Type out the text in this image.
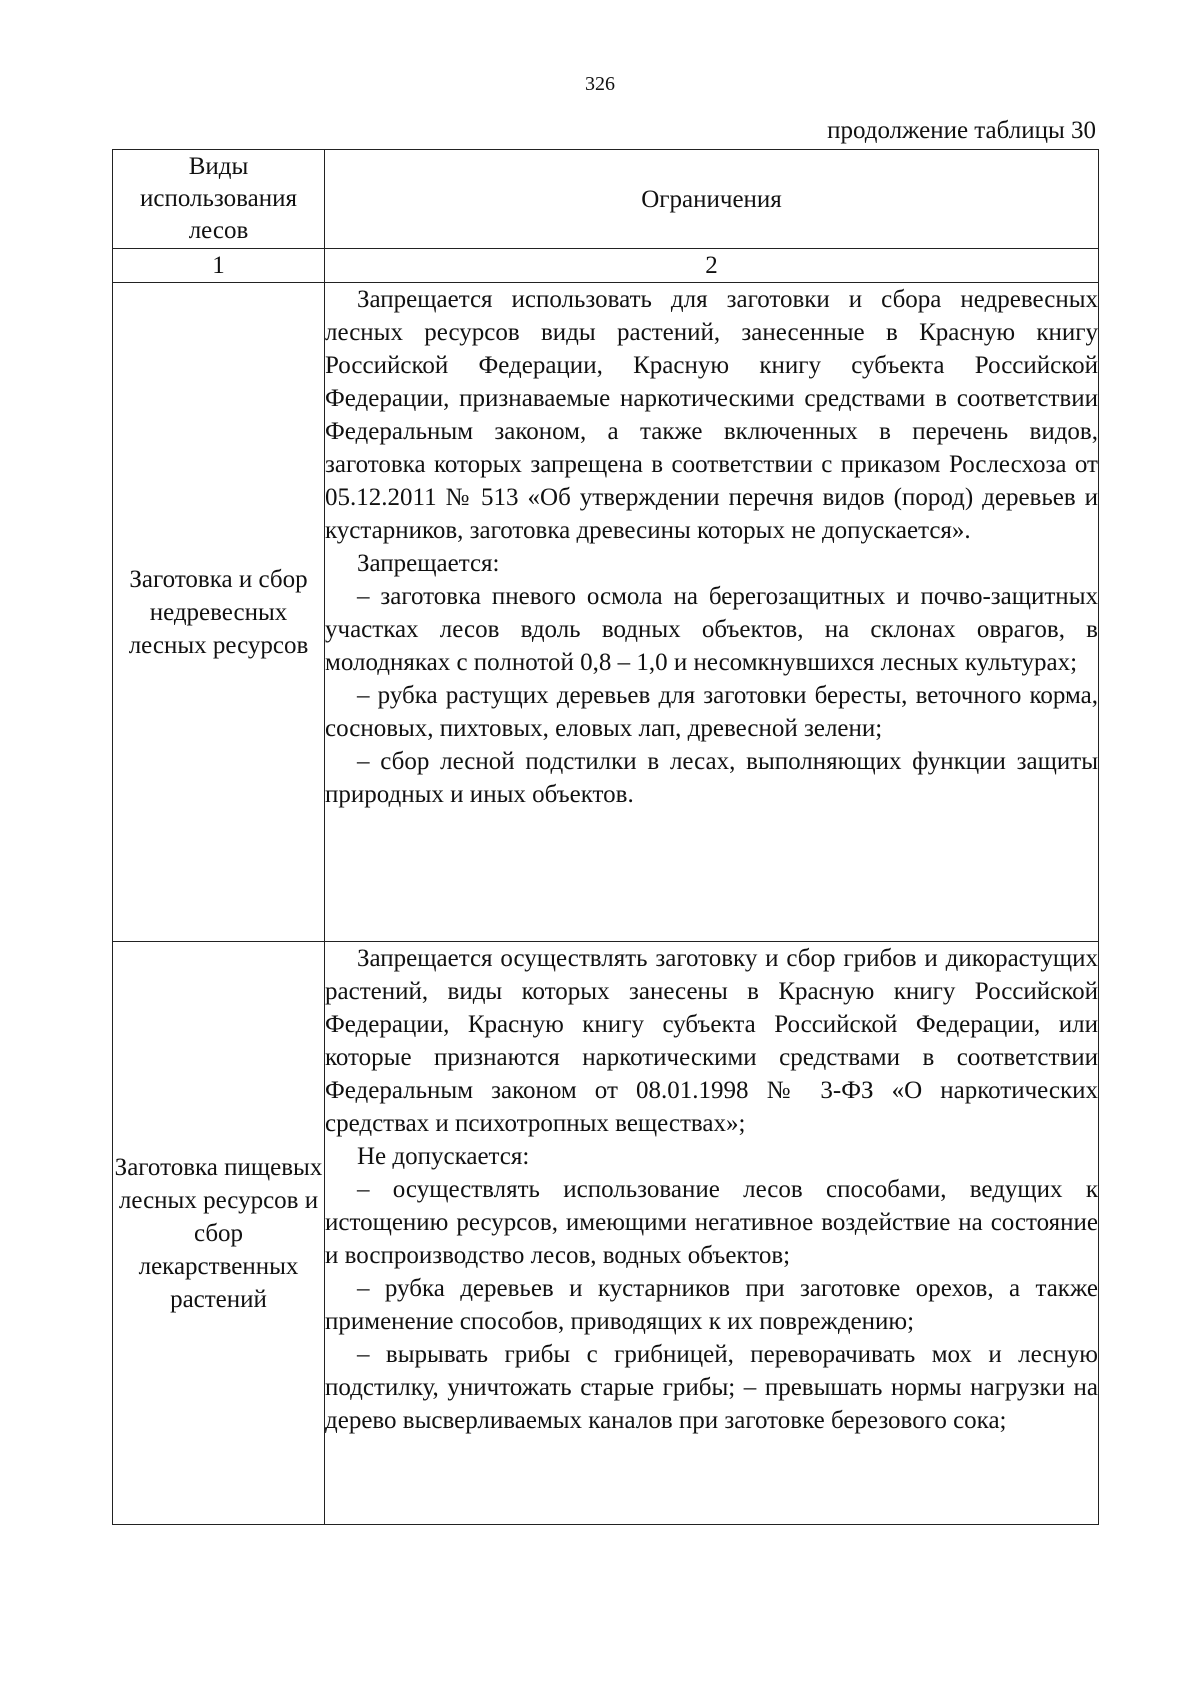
326
продолжение таблицы 30
Виды использования лесов	Ограничения
1	2
Заготовка и сбор недревесных лесных ресурсов	Запрещается использовать для заготовки и сбора недревесных лесных ресурсов виды растений, занесенные в Красную книгу Российской Федерации, Красную книгу субъекта Российской Федерации, признаваемые наркотическими средствами в соответствии Федеральным законом, а также включенных в перечень видов, заготовка которых запрещена в соответствии с приказом Рослесхоза от 05.12.2011 № 513 «Об утверждении перечня видов (пород) деревьев и кустарников, заготовка древесины которых не допускается».

Запрещается:

– заготовка пневого осмола на берегозащитных и почво-защитных участках лесов вдоль водных объектов, на склонах оврагов, в молодняках с полнотой 0,8 – 1,0 и несомкнувшихся лесных культурах;

– рубка растущих деревьев для заготовки бересты, веточного корма, сосновых, пихтовых, еловых лап, древесной зелени;

– сбор лесной подстилки в лесах, выполняющих функции защиты природных и иных объектов.

Заготовка пищевых лесных ресурсов и сбор лекарственных растений	Запрещается осуществлять заготовку и сбор грибов и дикорастущих растений, виды которых занесены в Красную книгу Российской Федерации, Красную книгу субъекта Российской Федерации, или которые признаются наркотическими средствами в соответствии Федеральным законом от 08.01.1998 № 3-ФЗ «О наркотических средствах и психотропных веществах»;

Не допускается:

– осуществлять использование лесов способами, ведущих к истощению ресурсов, имеющими негативное воздействие на состояние и воспроизводство лесов, водных объектов;

– рубка деревьев и кустарников при заготовке орехов, а также применение способов, приводящих к их повреждению;

– вырывать грибы с грибницей, переворачивать мох и лесную подстилку, уничтожать старые грибы; – превышать нормы нагрузки на дерево высверливаемых каналов при заготовке березового сока;
